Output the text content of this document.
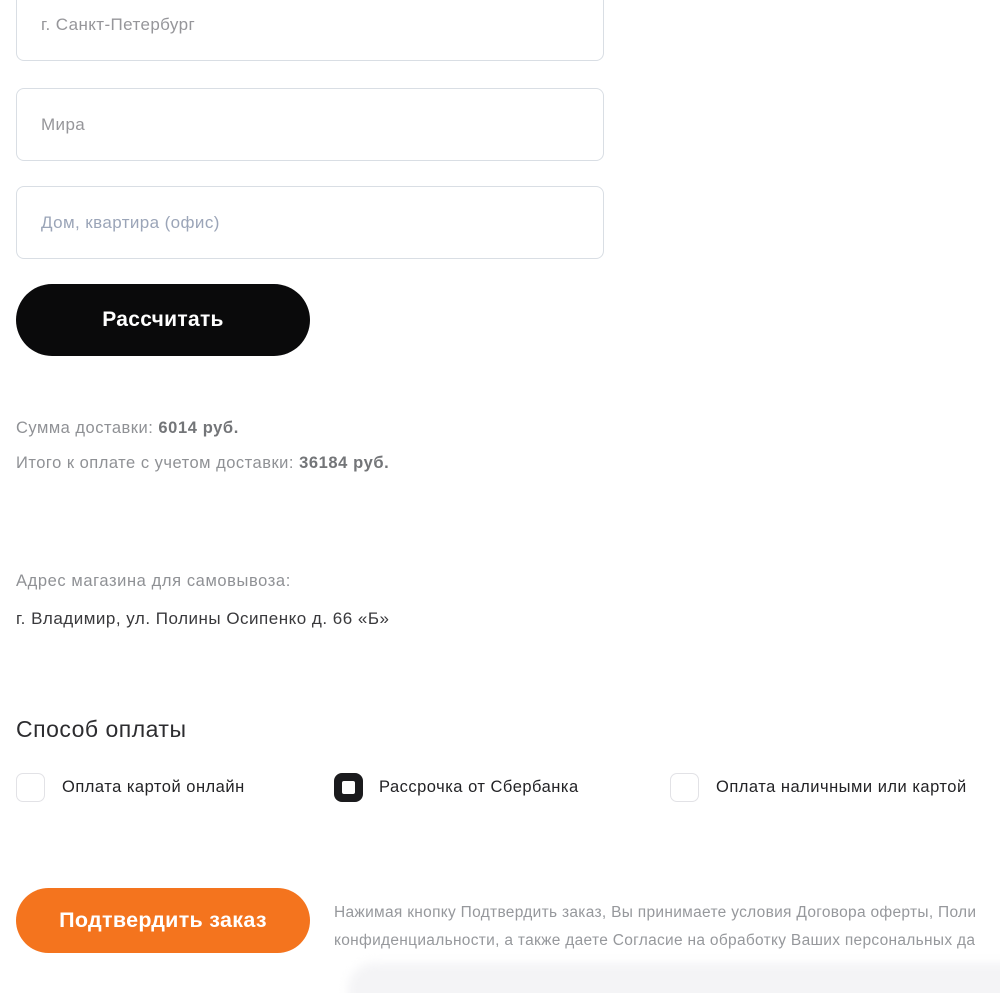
г. Санкт-Петербург
Мира
Дом, квартира (офис)
Рассчитать
Сумма доставки: 6014 руб.
Итого к оплате с учетом доставки: 36184 руб.
Адрес магазина для самовывоза:
г. Владимир, ул. Полины Осипенко д. 66 «Б»
Способ оплаты
Оплата картой онлайн	Рассрочка от Сбербанка	Оплата наличными или картой
Подтвердить заказ	Нажимая кнопку Подтвердить заказ, Вы принимаете условия Договора оферты, Поли
конфиденциальности, а также даете Согласие на обработку Ваших персональных да
